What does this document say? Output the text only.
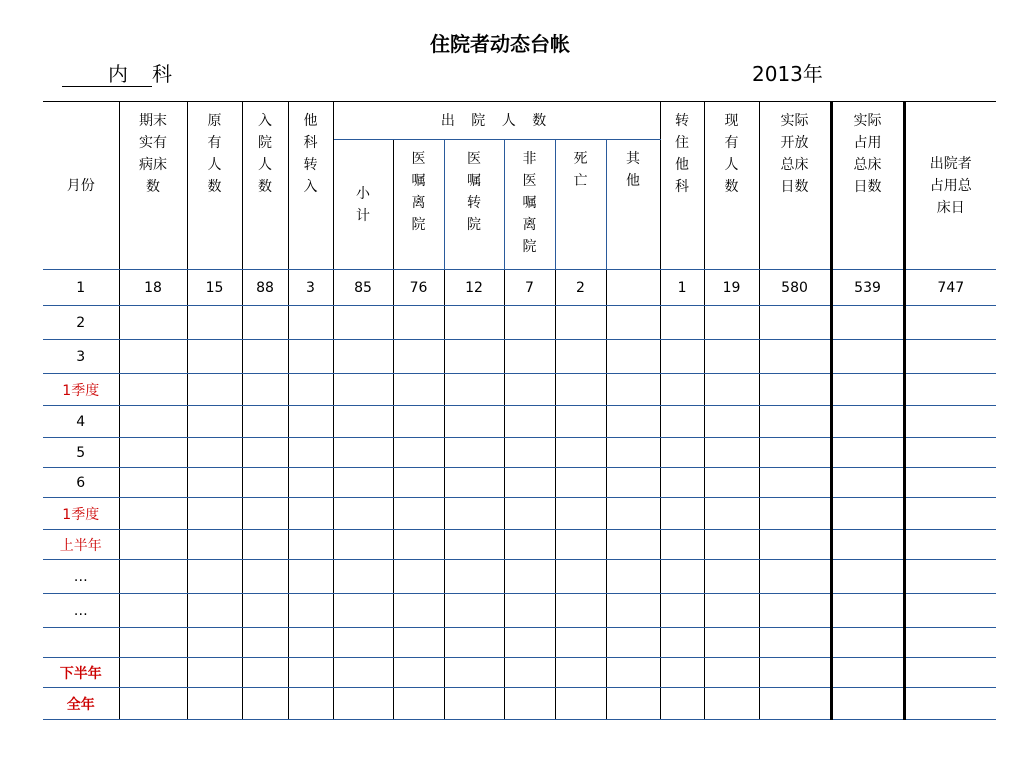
住院者动态台帐
内 科	2013年
月份	期末实有病床数	原有人数	入院人数	他科转入	出 院 人 数						转住他科	现有人数	实际开放总床日数	实际占用总床日数	出院者占用总床日

					小计	医嘱离院	医嘱转院	非医嘱离院	死亡	其他					

1	18	15	88	3	85	76	12	7	2		1	19	580	539	747
2															
3															
1季度															
4															
5															
6															
1季度															
上半年															
…															
…															

下半年															
全年															
